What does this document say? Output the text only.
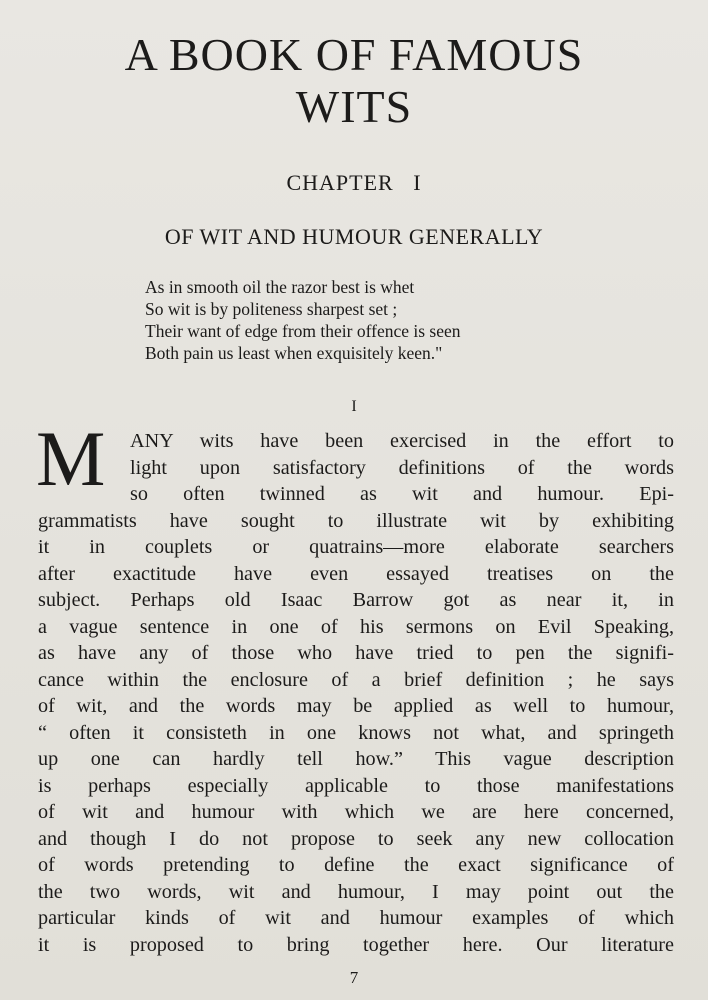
A BOOK OF FAMOUS
WITS
CHAPTER   I
OF WIT AND HUMOUR GENERALLY
As in smooth oil the razor best is whet
So wit is by politeness sharpest set ;
Their want of edge from their offence is seen
Both pain us least when exquisitely keen."
I
M ANY wits have been exercised in the effort to
light upon satisfactory definitions of the words
so often twinned as wit and humour. Epi-
grammatists have sought to illustrate wit by exhibiting
it in couplets or quatrains—more elaborate searchers
after exactitude have even essayed treatises on the
subject. Perhaps old Isaac Barrow got as near it, in
a vague sentence in one of his sermons on Evil Speaking,
as have any of those who have tried to pen the signifi-
cance within the enclosure of a brief definition ; he says
of wit, and the words may be applied as well to humour,
“ often it consisteth in one knows not what, and springeth
up one can hardly tell how.” This vague description
is perhaps especially applicable to those manifestations
of wit and humour with which we are here concerned,
and though I do not propose to seek any new collocation
of words pretending to define the exact significance of
the two words, wit and humour, I may point out the
particular kinds of wit and humour examples of which
it is proposed to bring together here. Our literature
7
